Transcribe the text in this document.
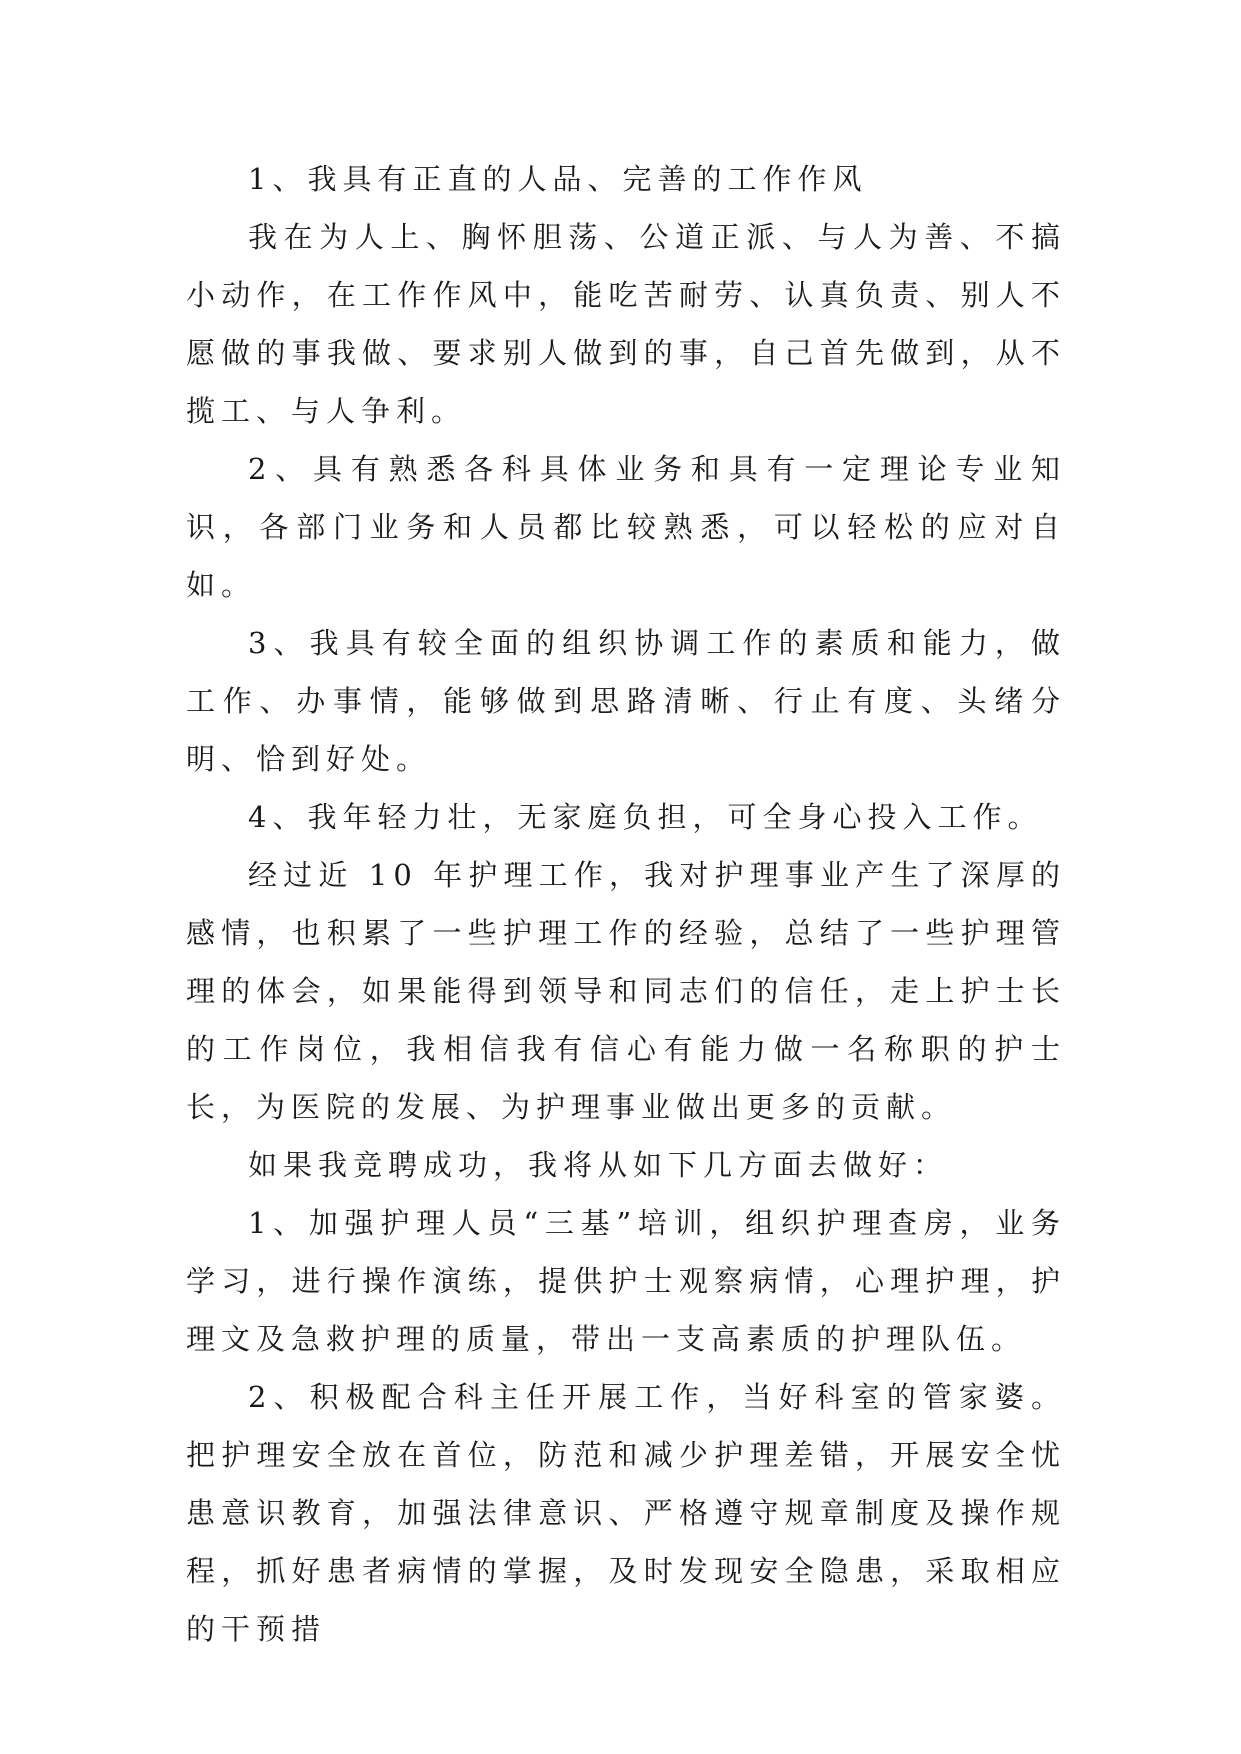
1、我具有正直的人品、完善的工作作风

我在为人上、胸怀胆荡、公道正派、与人为善、不搞小动作，在工作作风中，能吃苦耐劳、认真负责、别人不愿做的事我做、要求别人做到的事，自己首先做到，从不揽工、与人争利。

2、具有熟悉各科具体业务和具有一定理论专业知识，各部门业务和人员都比较熟悉，可以轻松的应对自如。

3、我具有较全面的组织协调工作的素质和能力，做工作、办事情，能够做到思路清晰、行止有度、头绪分明、恰到好处。

4、我年轻力壮，无家庭负担，可全身心投入工作。

经过近 10 年护理工作，我对护理事业产生了深厚的感情，也积累了一些护理工作的经验，总结了一些护理管理的体会，如果能得到领导和同志们的信任，走上护士长的工作岗位，我相信我有信心有能力做一名称职的护士长，为医院的发展、为护理事业做出更多的贡献。

如果我竞聘成功，我将从如下几方面去做好：

1、加强护理人员“三基”培训，组织护理查房，业务学习，进行操作演练，提供护士观察病情，心理护理，护理文及急救护理的质量，带出一支高素质的护理队伍。

2、积极配合科主任开展工作，当好科室的管家婆。把护理安全放在首位，防范和减少护理差错，开展安全忧患意识教育，加强法律意识、严格遵守规章制度及操作规程，抓好患者病情的掌握，及时发现安全隐患，采取相应的干预措
